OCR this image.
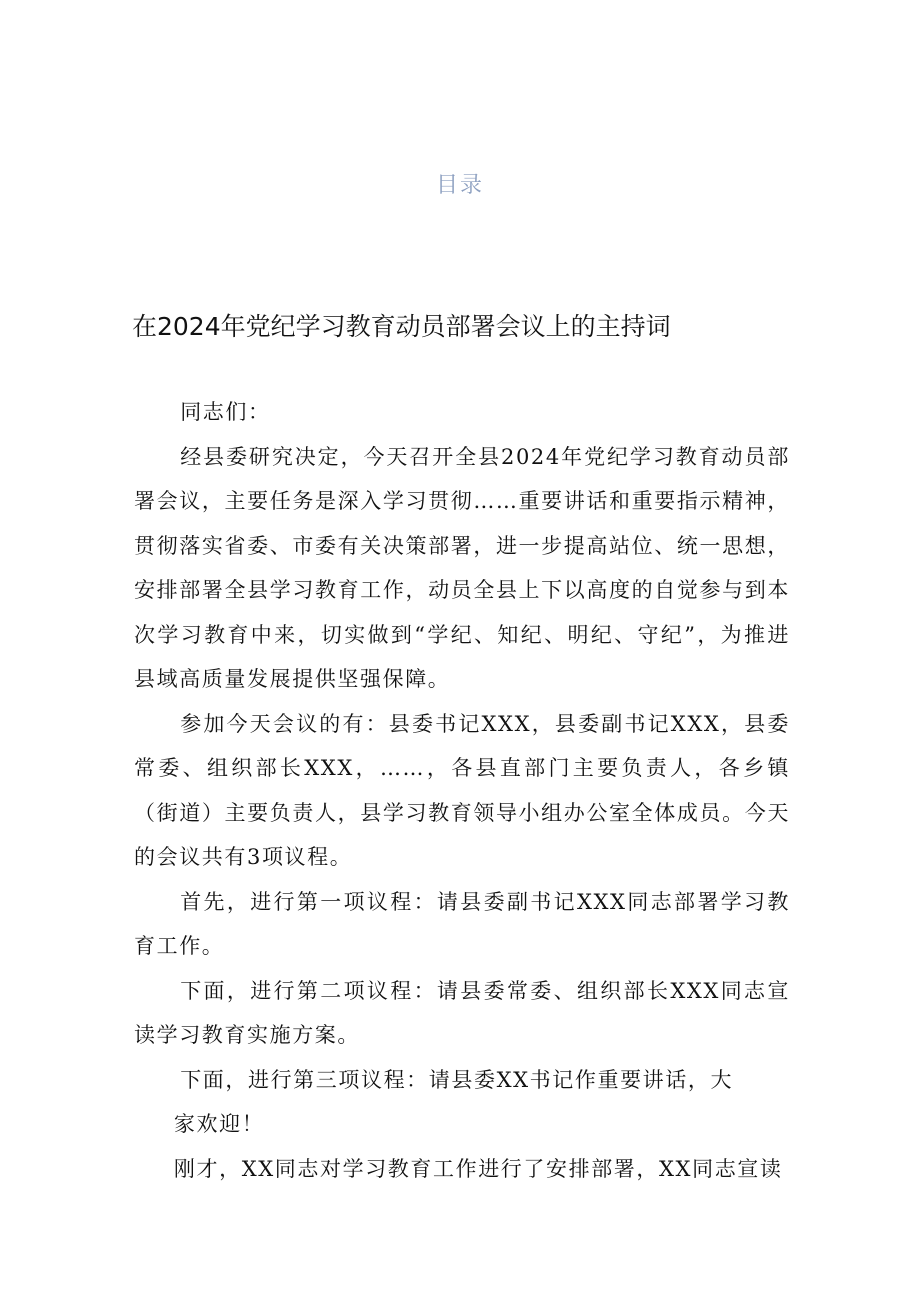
目录
在2024年党纪学习教育动员部署会议上的主持词

同志们：

经县委研究决定，今天召开全县2024年党纪学习教育动员部署会议，主要任务是深入学习贯彻……重要讲话和重要指示精神，贯彻落实省委、市委有关决策部署，进一步提高站位、统一思想，安排部署全县学习教育工作，动员全县上下以高度的自觉参与到本次学习教育中来，切实做到“学纪、知纪、明纪、守纪”，为推进县域高质量发展提供坚强保障。

参加今天会议的有：县委书记XXX，县委副书记XXX，县委常委、组织部长XXX，……，各县直部门主要负责人，各乡镇（街道）主要负责人，县学习教育领导小组办公室全体成员。今天的会议共有3项议程。

首先，进行第一项议程：请县委副书记XXX同志部署学习教育工作。

下面，进行第二项议程：请县委常委、组织部长XXX同志宣读学习教育实施方案。

下面，进行第三项议程：请县委XX书记作重要讲话，大

家欢迎！

刚才，XX同志对学习教育工作进行了安排部署，XX同志宣读
